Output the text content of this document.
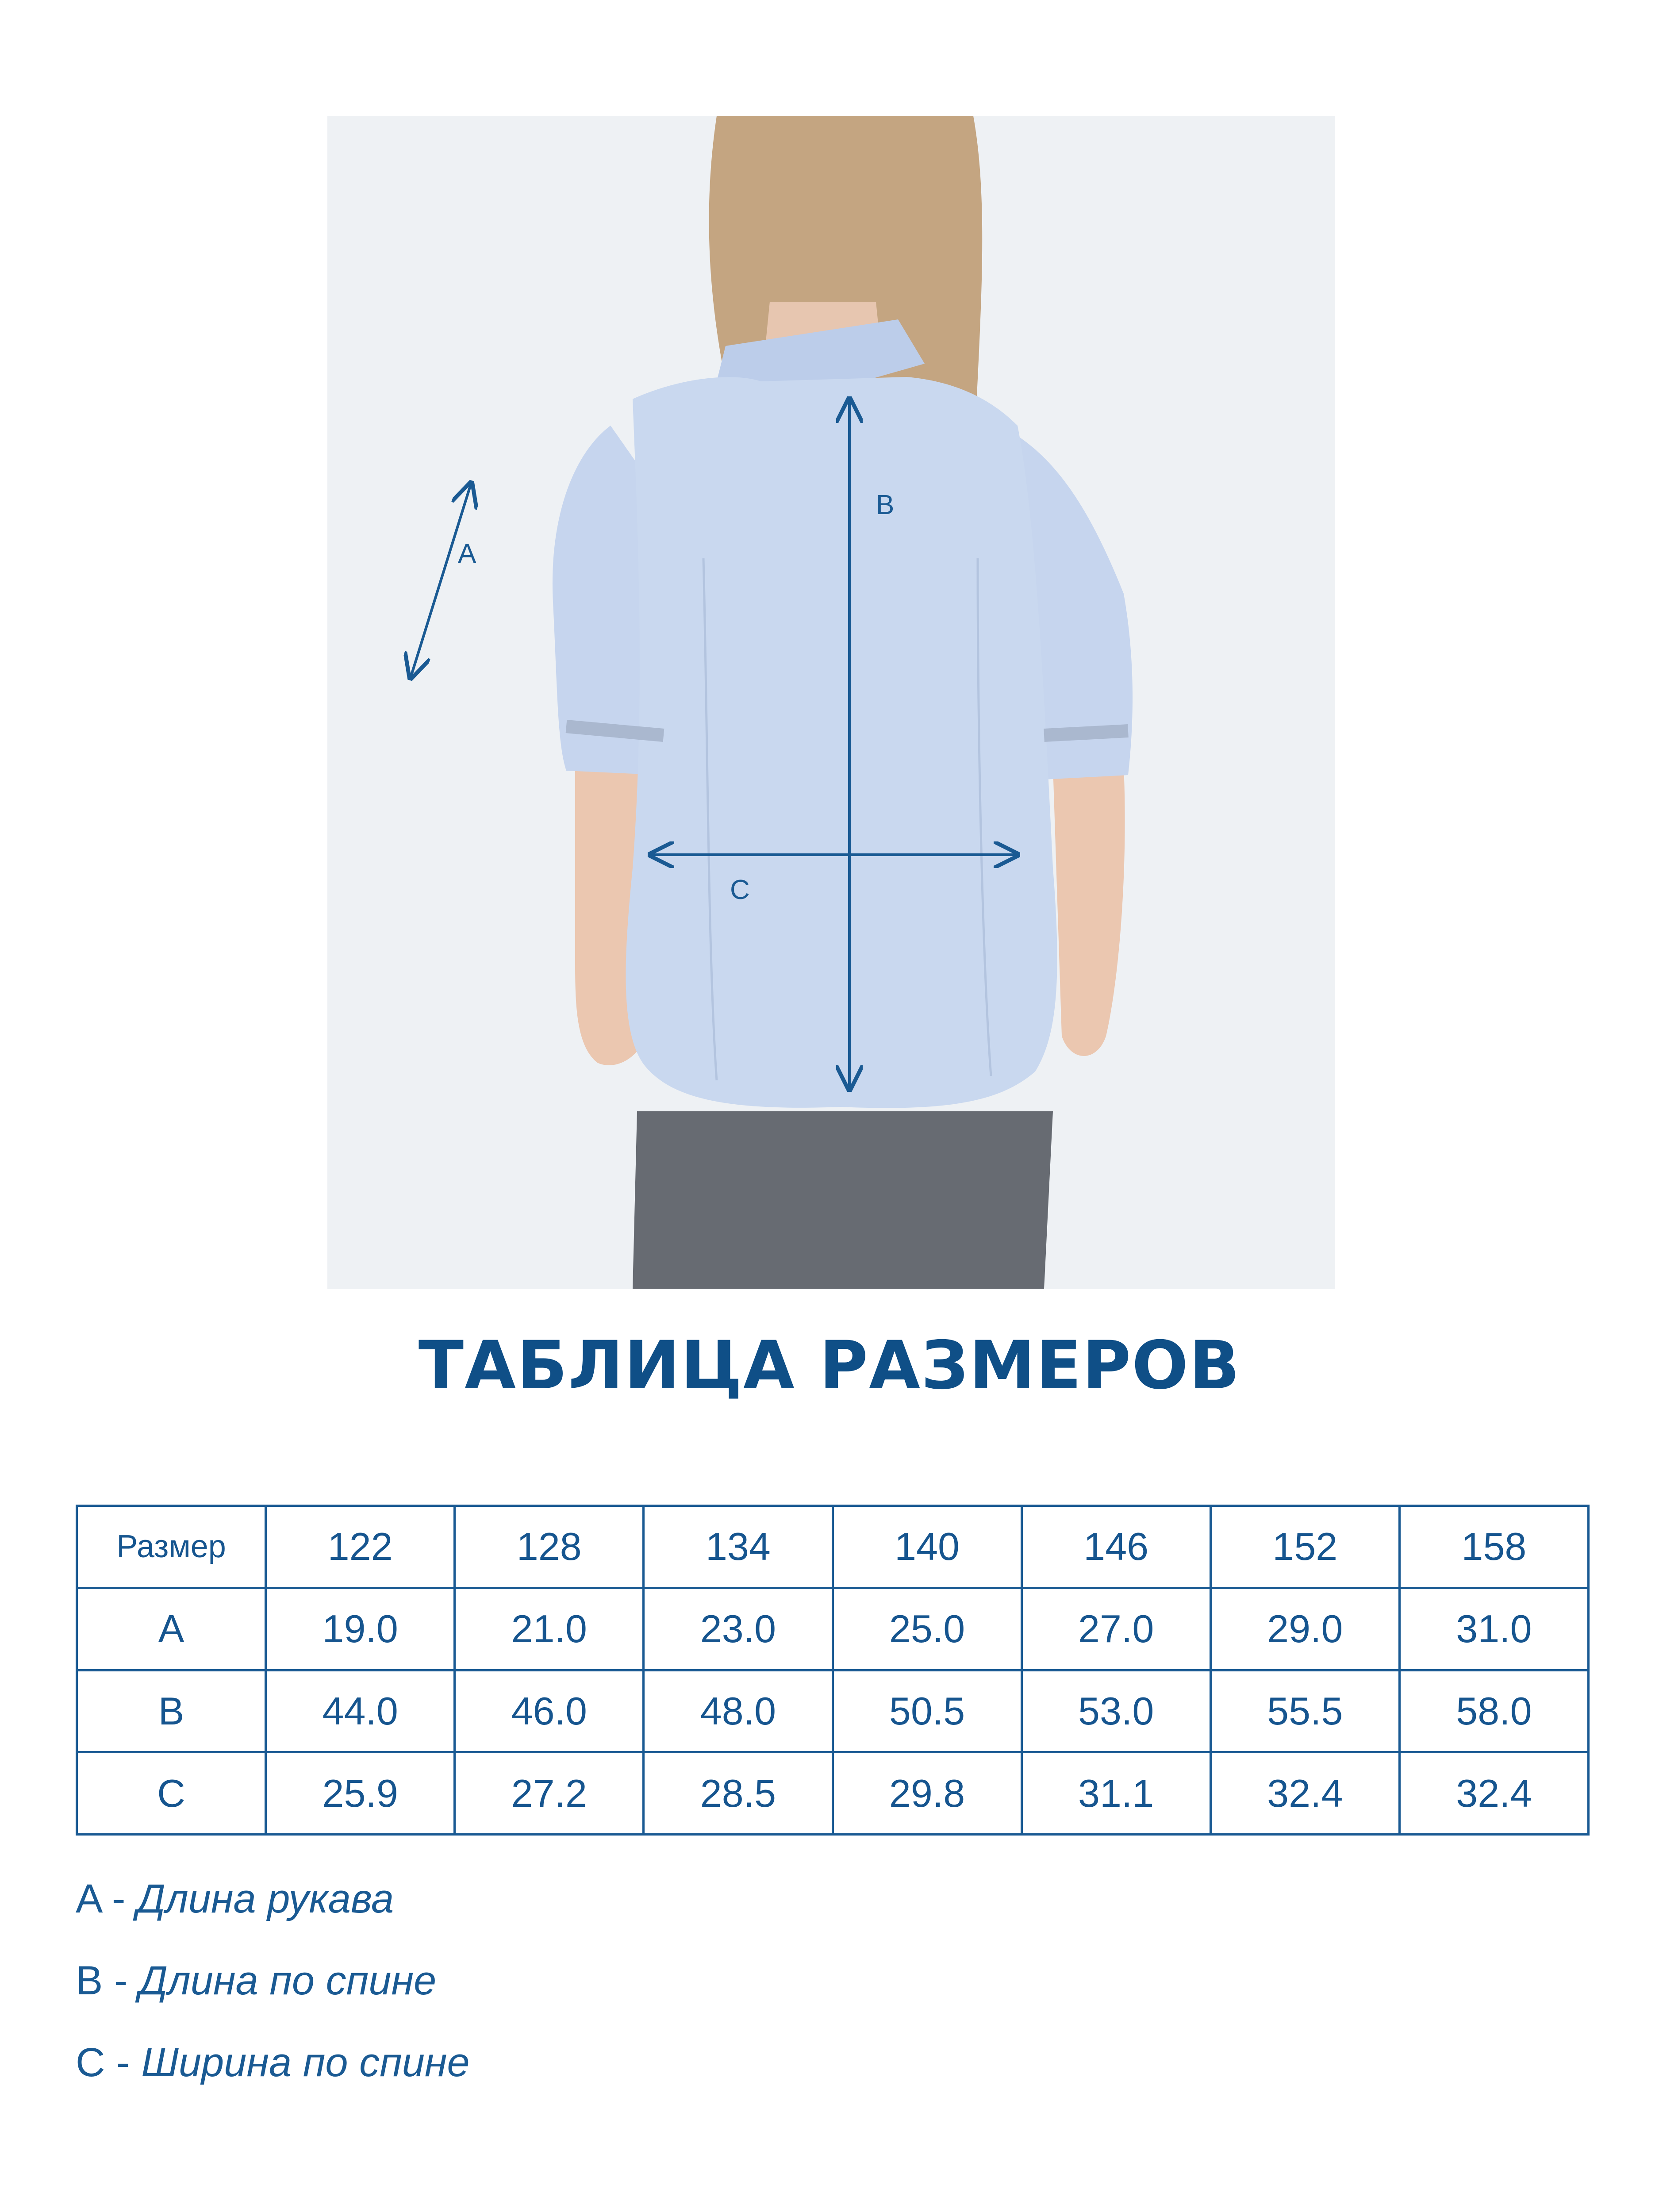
B
C
A
ТАБЛИЦА РАЗМЕРОВ
Размер	122	128	134	140	146	152	158
A	19.0	21.0	23.0	25.0	27.0	29.0	31.0
B	44.0	46.0	48.0	50.5	53.0	55.5	58.0
C	25.9	27.2	28.5	29.8	31.1	32.4	32.4
A - Длина рукава
B - Длина по спине
C - Ширина по спине
